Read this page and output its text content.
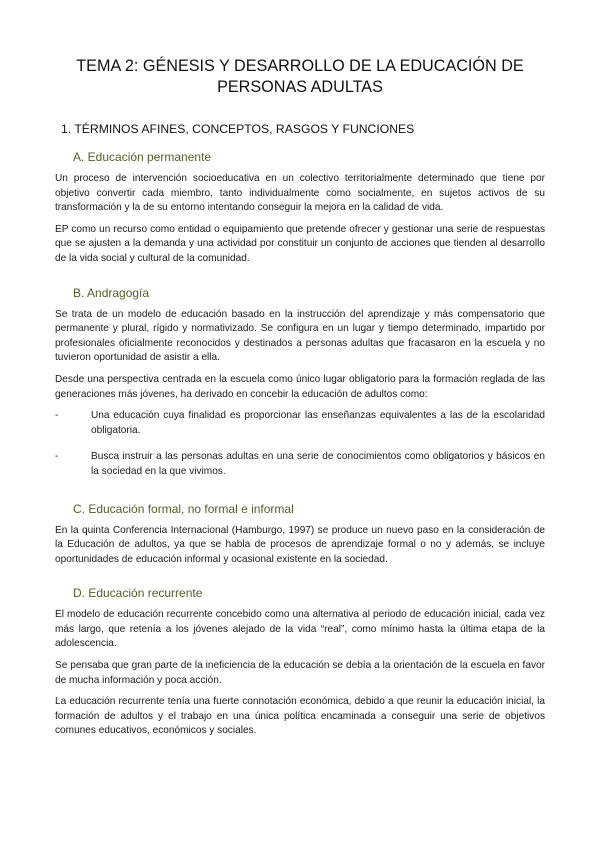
TEMA 2: GÉNESIS Y DESARROLLO DE LA EDUCACIÓN DE
PERSONAS ADULTAS
1. TÉRMINOS AFINES, CONCEPTOS, RASGOS Y FUNCIONES
A. Educación permanente

Un proceso de intervención socioeducativa en un colectivo territorialmente determinado que tiene por objetivo convertir cada miembro, tanto individualmente como socialmente, en sujetos activos de su transformación y la de su entorno intentando conseguir la mejora en la calidad de vida.

EP como un recurso como entidad o equipamiento que pretende ofrecer y gestionar una serie de respuestas que se ajusten a la demanda y una actividad por constituir un conjunto de acciones que tienden al desarrollo de la vida social y cultural de la comunidad.

B. Andragogía

Se trata de un modelo de educación basado en la instrucción del aprendizaje y más compensatorio que permanente y plural, rígido y normativizado. Se configura en un lugar y tiempo determinado, impartido por profesionales oficialmente reconocidos y destinados a personas adultas que fracasaron en la escuela y no tuvieron oportunidad de asistir a ella.

Desde una perspectiva centrada en la escuela como único lugar obligatorio para la formación reglada de las generaciones más jóvenes, ha derivado en concebir la educación de adultos como:

-	Una educación cuya finalidad es proporcionar las enseñanzas equivalentes a las de la escolaridad obligatoria.
-	Busca instruir a las personas adultas en una serie de conocimientos como obligatorios y básicos en la sociedad en la que vivimos.
C. Educación formal, no formal e informal

En la quinta Conferencia Internacional (Hamburgo, 1997) se produce un nuevo paso en la consideración de la Educación de adultos, ya que se habla de procesos de aprendizaje formal o no y además, se incluye oportunidades de educación informal y ocasional existente en la sociedad.

D. Educación recurrente

El modelo de educación recurrente concebido como una alternativa al periodo de educación inicial, cada vez más largo, que retenía a los jóvenes alejado de la vida “real”, como mínimo hasta la última etapa de la adolescencia.

Se pensaba que gran parte de la ineficiencia de la educación se debía a la orientación de la escuela en favor de mucha información y poca acción.

La educación recurrente tenía una fuerte connotación económica, debido a que reunir la educación inicial, la formación de adultos y el trabajo en una única política encaminada a conseguir una serie de objetivos comunes educativos, económicos y sociales.
